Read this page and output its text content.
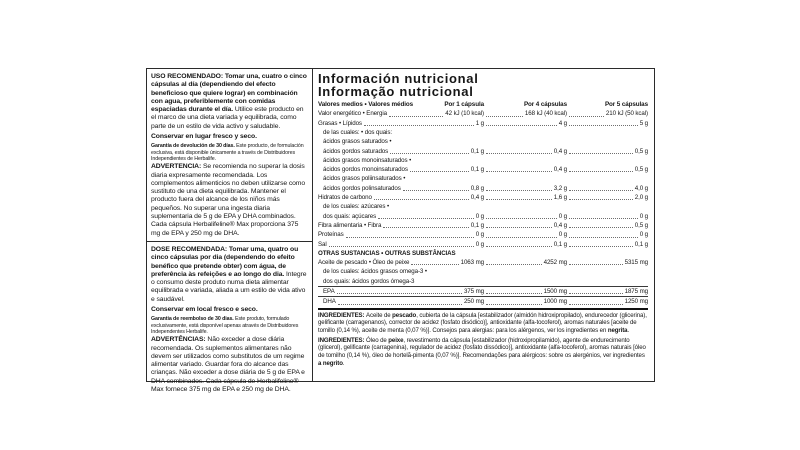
USO RECOMENDADO: Tomar una, cuatro o cinco cápsulas al día (dependiendo del efecto beneficioso que quiere lograr) en combinación con agua, preferiblemente con comidas espaciadas durante el día. Utilice este producto en el marco de una dieta variada y equilibrada, como parte de un estilo de vida activo y saludable.

Conservar en lugar fresco y seco.

Garantía de devolución de 30 días. Este producto, de formulación exclusiva, está disponible únicamente a través de Distribuidores Independientes de Herbalife.

ADVERTENCIA: Se recomienda no superar la dosis diaria expresamente recomendada. Los complementos alimenticios no deben utilizarse como sustituto de una dieta equilibrada. Mantener el producto fuera del alcance de los niños más pequeños. No superar una ingesta diaria suplementaria de 5 g de EPA y DHA combinados. Cada cápsula Herbalifeline® Max proporciona 375 mg de EPA y 250 mg de DHA.

DOSE RECOMENDADA: Tomar uma, quatro ou cinco cápsulas por dia (dependendo do efeito benéfico que pretende obter) com água, de preferência às refeições e ao longo do dia. Integre o consumo deste produto numa dieta alimentar equilibrada e variada, aliada a um estilo de vida ativo e saudável.

Conservar em local fresco e seco.

Garantia de reembolso de 30 dias. Este produto, formulado exclusivamente, está disponível apenas através de Distribuidores Independentes Herbalife.

ADVERTÊNCIAS: Não exceder a dose diária recomendada. Os suplementos alimentares não devem ser utilizados como substitutos de um regime alimentar variado. Guardar fora do alcance das crianças. Não exceder a dose diária de 5 g de EPA e DHA combinados. Cada cápsula de Herbalifeline® Max fornece 375 mg de EPA e 250 mg de DHA.

Información nutricional
Informação nutricional
Valores medios • Valores médios	Por 1 cápsula	Por 4 cápsulas	Por 5 cápsulas
Valor energético • Energia	42 kJ (10 kcal)	168 kJ (40 kcal)	210 kJ (50 kcal)
Grasas • Lípidos	1 g	4 g	5 g
de las cuales: • dos quais:
ácidos grasos saturados •
ácidos gordos saturados	0,1 g	0,4 g	0,5 g
ácidos grasos monoinsaturados •
ácidos gordos monoinsaturados	0,1 g	0,4 g	0,5 g
ácidos grasos poliinsaturados •
ácidos gordos polinsaturados	0,8 g	3,2 g	4,0 g
Hidratos de carbono	0,4 g	1,6 g	2,0 g
de los cuales: azúcares •
dos quais: açúcares	0 g	0 g	0 g
Fibra alimentaria • Fibra	0,1 g	0,4 g	0,5 g
Proteínas	0 g	0 g	0 g
Sal	0 g	0,1 g	0,1 g
OTRAS SUSTANCIAS • OUTRAS SUBSTÂNCIAS
Aceite de pescado • Óleo de peixe	1063 mg	4252 mg	5315 mg
de los cuales: ácidos grasos omega-3 •
dos quais: ácidos gordos ómega-3
EPA	375 mg	1500 mg	1875 mg
DHA	250 mg	1000 mg	1250 mg

INGREDIENTES: Aceite de pescado, cubierta de la cápsula [estabilizador (almidón hidroxipropilado), endurecedor (glicerina), gelificante (carragenanos), corrector de acidez (fosfato disódico)], antioxidante (alfa-tocoferol), aromas naturales [aceite de tomillo (0,14 %), aceite de menta (0,07 %)]. Consejos para alergias: para los alérgenos, ver los ingredientes en negrita.

INGREDIENTES: Óleo de peixe, revestimento da cápsula [estabilizador (hidroxipropilamido), agente de endurecimento (glicerol), gelificante (carragenina), regulador de acidez (fosfato dissódico)], antioxidante (alfa-tocoferol), aromas naturais [óleo de tomilho (0,14 %), óleo de hortelã-pimenta (0,07 %)]. Recomendações para alérgicos: sobre os alergénios, ver ingredientes a negrito.
